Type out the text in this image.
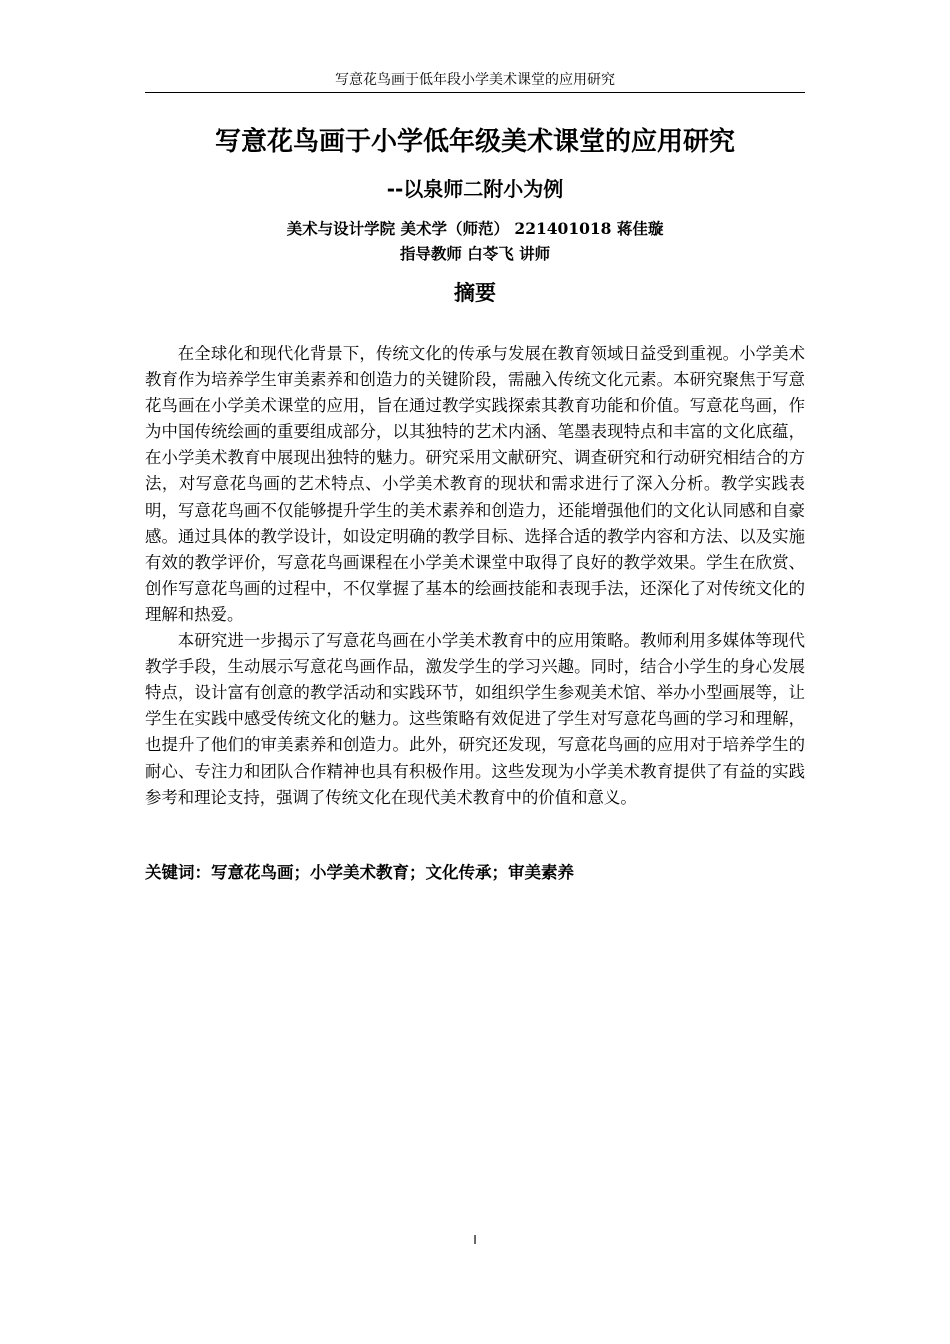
写意花鸟画于低年段小学美术课堂的应用研究
写意花鸟画于小学低年级美术课堂的应用研究
--以泉师二附小为例
美术与设计学院 美术学（师范） 221401018 蒋佳璇
指导教师 白苓飞 讲师
摘要

在全球化和现代化背景下，传统文化的传承与发展在教育领域日益受到重视。小学美术教育作为培养学生审美素养和创造力的关键阶段，需融入传统文化元素。本研究聚焦于写意花鸟画在小学美术课堂的应用，旨在通过教学实践探索其教育功能和价值。写意花鸟画，作为中国传统绘画的重要组成部分，以其独特的艺术内涵、笔墨表现特点和丰富的文化底蕴，在小学美术教育中展现出独特的魅力。研究采用文献研究、调查研究和行动研究相结合的方法，对写意花鸟画的艺术特点、小学美术教育的现状和需求进行了深入分析。教学实践表明，写意花鸟画不仅能够提升学生的美术素养和创造力，还能增强他们的文化认同感和自豪感。通过具体的教学设计，如设定明确的教学目标、选择合适的教学内容和方法、以及实施有效的教学评价，写意花鸟画课程在小学美术课堂中取得了良好的教学效果。学生在欣赏、创作写意花鸟画的过程中，不仅掌握了基本的绘画技能和表现手法，还深化了对传统文化的理解和热爱。

本研究进一步揭示了写意花鸟画在小学美术教育中的应用策略。教师利用多媒体等现代教学手段，生动展示写意花鸟画作品，激发学生的学习兴趣。同时，结合小学生的身心发展特点，设计富有创意的教学活动和实践环节，如组织学生参观美术馆、举办小型画展等，让学生在实践中感受传统文化的魅力。这些策略有效促进了学生对写意花鸟画的学习和理解，也提升了他们的审美素养和创造力。此外，研究还发现，写意花鸟画的应用对于培养学生的耐心、专注力和团队合作精神也具有积极作用。这些发现为小学美术教育提供了有益的实践参考和理论支持，强调了传统文化在现代美术教育中的价值和意义。

关键词：写意花鸟画；小学美术教育；文化传承；审美素养
I
